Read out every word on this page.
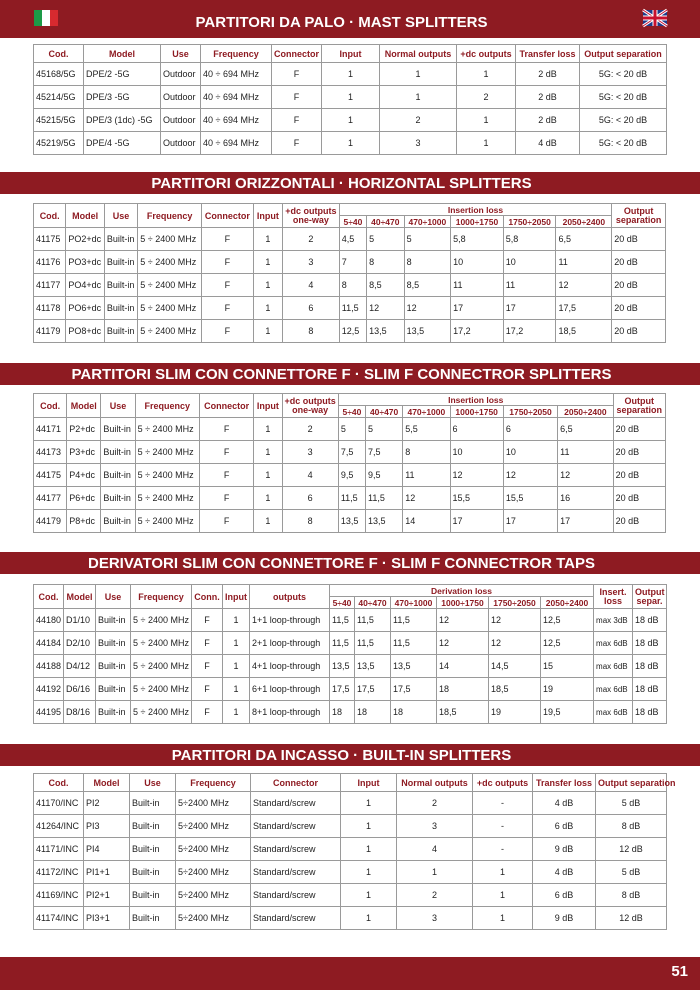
PARTITORI DA PALO · MAST SPLITTERS
Cod.	Model	Use	Frequency	Connector	Input	Normal outputs	+dc outputs	Transfer loss	Output separation
45168/5G	DPE/2 -5G	Outdoor	40 ÷ 694 MHz	F	1	1	1	2 dB	5G: < 20 dB
45214/5G	DPE/3 -5G	Outdoor	40 ÷ 694 MHz	F	1	1	2	2 dB	5G: < 20 dB
45215/5G	DPE/3 (1dc) -5G	Outdoor	40 ÷ 694 MHz	F	1	2	1	2 dB	5G: < 20 dB
45219/5G	DPE/4 -5G	Outdoor	40 ÷ 694 MHz	F	1	3	1	4 dB	5G: < 20 dB
PARTITORI ORIZZONTALI · HORIZONTAL SPLITTERS
Cod.	Model	Use	Frequency	Connector	Input	+dc outputs one-way	Insertion loss						Output separation
							5÷40	40÷470	470÷1000	1000÷1750	1750÷2050	2050÷2400	
41175	PO2+dc	Built-in	5 ÷ 2400 MHz	F	1	2	4,5	5	5	5,8	5,8	6,5	20 dB
41176	PO3+dc	Built-in	5 ÷ 2400 MHz	F	1	3	7	8	8	10	10	11	20 dB
41177	PO4+dc	Built-in	5 ÷ 2400 MHz	F	1	4	8	8,5	8,5	11	11	12	20 dB
41178	PO6+dc	Built-in	5 ÷ 2400 MHz	F	1	6	11,5	12	12	17	17	17,5	20 dB
41179	PO8+dc	Built-in	5 ÷ 2400 MHz	F	1	8	12,5	13,5	13,5	17,2	17,2	18,5	20 dB
PARTITORI SLIM CON CONNETTORE F · SLIM F CONNECTROR SPLITTERS
Cod.	Model	Use	Frequency	Connector	Input	+dc outputs one-way	Insertion loss						Output separation
							5÷40	40÷470	470÷1000	1000÷1750	1750÷2050	2050÷2400	
44171	P2+dc	Built-in	5 ÷ 2400 MHz	F	1	2	5	5	5,5	6	6	6,5	20 dB
44173	P3+dc	Built-in	5 ÷ 2400 MHz	F	1	3	7,5	7,5	8	10	10	11	20 dB
44175	P4+dc	Built-in	5 ÷ 2400 MHz	F	1	4	9,5	9,5	11	12	12	12	20 dB
44177	P6+dc	Built-in	5 ÷ 2400 MHz	F	1	6	11,5	11,5	12	15,5	15,5	16	20 dB
44179	P8+dc	Built-in	5 ÷ 2400 MHz	F	1	8	13,5	13,5	14	17	17	17	20 dB
DERIVATORI SLIM CON CONNETTORE F · SLIM F CONNECTROR TAPS
Cod.	Model	Use	Frequency	Conn.	Input	outputs	Derivation loss						Insert. loss	Output separ.
							5÷40	40÷470	470÷1000	1000÷1750	1750÷2050	2050÷2400		
44180	D1/10	Built-in	5 ÷ 2400 MHz	F	1	1+1 loop-through	11,5	11,5	11,5	12	12	12,5	max 3dB	18 dB
44184	D2/10	Built-in	5 ÷ 2400 MHz	F	1	2+1 loop-through	11,5	11,5	11,5	12	12	12,5	max 6dB	18 dB
44188	D4/12	Built-in	5 ÷ 2400 MHz	F	1	4+1 loop-through	13,5	13,5	13,5	14	14,5	15	max 6dB	18 dB
44192	D6/16	Built-in	5 ÷ 2400 MHz	F	1	6+1 loop-through	17,5	17,5	17,5	18	18,5	19	max 6dB	18 dB
44195	D8/16	Built-in	5 ÷ 2400 MHz	F	1	8+1 loop-through	18	18	18	18,5	19	19,5	max 6dB	18 dB
PARTITORI DA INCASSO · BUILT-IN SPLITTERS
Cod.	Model	Use	Frequency	Connector	Input	Normal outputs	+dc outputs	Transfer loss	Output separation
41170/INC	PI2	Built-in	5÷2400 MHz	Standard/screw	1	2	-	4 dB	5 dB
41264/INC	PI3	Built-in	5÷2400 MHz	Standard/screw	1	3	-	6 dB	8 dB
41171/INC	PI4	Built-in	5÷2400 MHz	Standard/screw	1	4	-	9 dB	12 dB
41172/INC	PI1+1	Built-in	5÷2400 MHz	Standard/screw	1	1	1	4 dB	5 dB
41169/INC	PI2+1	Built-in	5÷2400 MHz	Standard/screw	1	2	1	6 dB	8 dB
41174/INC	PI3+1	Built-in	5÷2400 MHz	Standard/screw	1	3	1	9 dB	12 dB
51
